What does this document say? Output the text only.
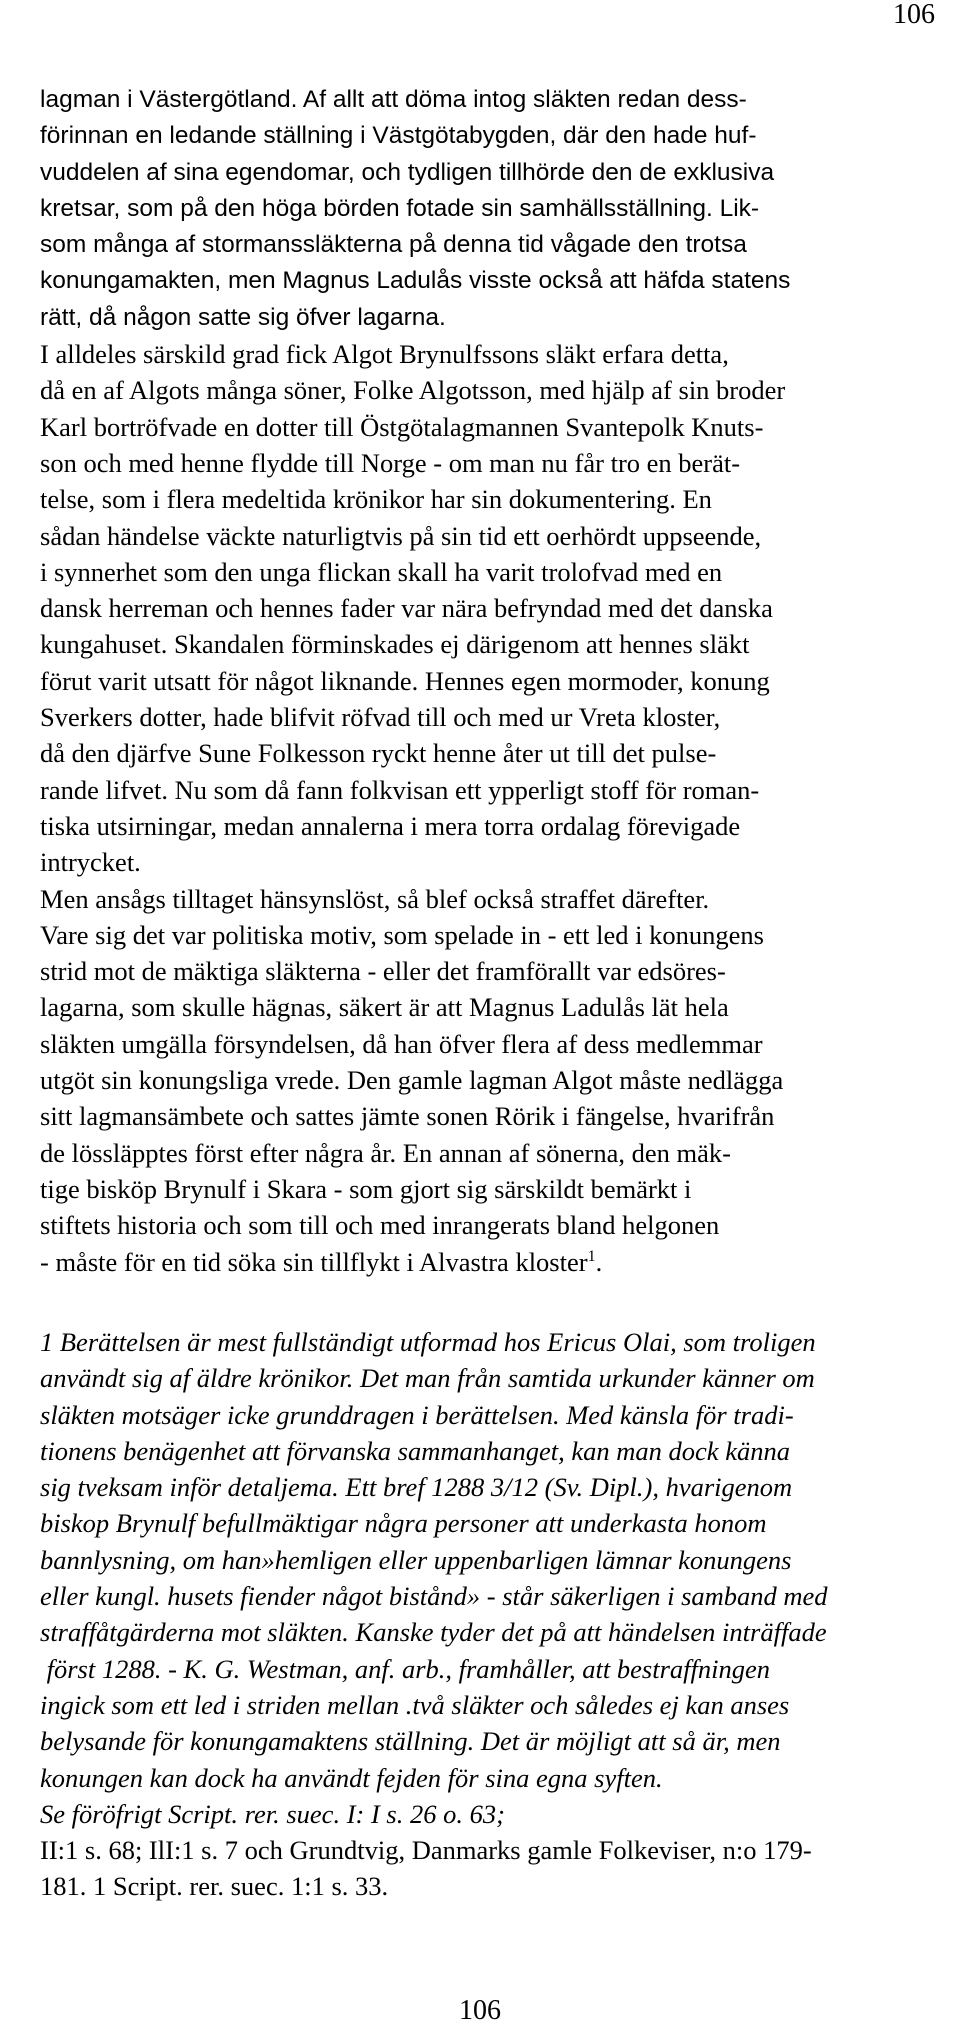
106
lagman i Västergötland. Af allt att döma intog släkten redan dess-
förinnan en ledande ställning i Västgötabygden, där den hade huf-
vuddelen af sina egendomar, och tydligen tillhörde den de exklusiva
kretsar, som på den höga börden fotade sin samhällsställning. Lik-
som många af stormanssläkterna på denna tid vågade den trotsa
konungamakten, men Magnus Ladulås visste också att häfda statens
rätt, då någon satte sig öfver lagarna.
I alldeles särskild grad fick Algot Brynulfssons släkt erfara detta,
då en af Algots många söner, Folke Algotsson, med hjälp af sin broder
Karl bortröfvade en dotter till Östgötalagmannen Svantepolk Knuts-
son och med henne flydde till Norge - om man nu får tro en berät-
telse, som i flera medeltida krönikor har sin dokumentering. En
sådan händelse väckte naturligtvis på sin tid ett oerhördt uppseende,
i synnerhet som den unga flickan skall ha varit trolofvad med en
dansk herreman och hennes fader var nära befryndad med det danska
kungahuset. Skandalen förminskades ej därigenom att hennes släkt
förut varit utsatt för något liknande. Hennes egen mormoder, konung
Sverkers dotter, hade blifvit röfvad till och med ur Vreta kloster,
då den djärfve Sune Folkesson ryckt henne åter ut till det pulse-
rande lifvet. Nu som då fann folkvisan ett ypperligt stoff för roman-
tiska utsirningar, medan annalerna i mera torra ordalag förevigade
intrycket.
Men ansågs tilltaget hänsynslöst, så blef också straffet därefter.
Vare sig det var politiska motiv, som spelade in - ett led i konungens
strid mot de mäktiga släkterna - eller det framförallt var edsöres-
lagarna, som skulle hägnas, säkert är att Magnus Ladulås lät hela
släkten umgälla försyndelsen, då han öfver flera af dess medlemmar
utgöt sin konungsliga vrede. Den gamle lagman Algot måste nedlägga
sitt lagmansämbete och sattes jämte sonen Rörik i fängelse, hvarifrån
de lössläpptes först efter några år. En annan af sönerna, den mäk-
tige bisköp Brynulf i Skara - som gjort sig särskildt bemärkt i
stiftets historia och som till och med inrangerats bland helgonen
- måste för en tid söka sin tillflykt i Alvastra kloster$^1$.
1 Berättelsen är mest fullständigt utformad hos Ericus Olai, som troligen
användt sig af äldre krönikor. Det man från samtida urkunder känner om
släkten motsäger icke grunddragen i berättelsen. Med känsla för tradi-
tionens benägenhet att förvanska sammanhanget, kan man dock känna
sig tveksam inför detaljema. Ett bref 1288 3/12 (Sv. Dipl.), hvarigenom
biskop Brynulf befullmäktigar några personer att underkasta honom
bannlysning, om han»hemligen eller uppenbarligen lämnar konungens
eller kungl. husets fiender något bistånd» - står säkerligen i samband med
straffåtgärderna mot släkten. Kanske tyder det på att händelsen inträffade
först 1288. - K. G. Westman, anf. arb., framhåller, att bestraffningen
ingick som ett led i striden mellan .två släkter och således ej kan anses
belysande för konungamaktens ställning. Det är möjligt att så är, men
konungen kan dock ha användt fejden för sina egna syften.
Se föröfrigt Script. rer. suec. I: I s. 26 o. 63;
II:1 s. 68; IlI:1 s. 7 och Grundtvig, Danmarks gamle Folkeviser, n:o 179-
181. 1 Script. rer. suec. 1:1 s. 33.
106
